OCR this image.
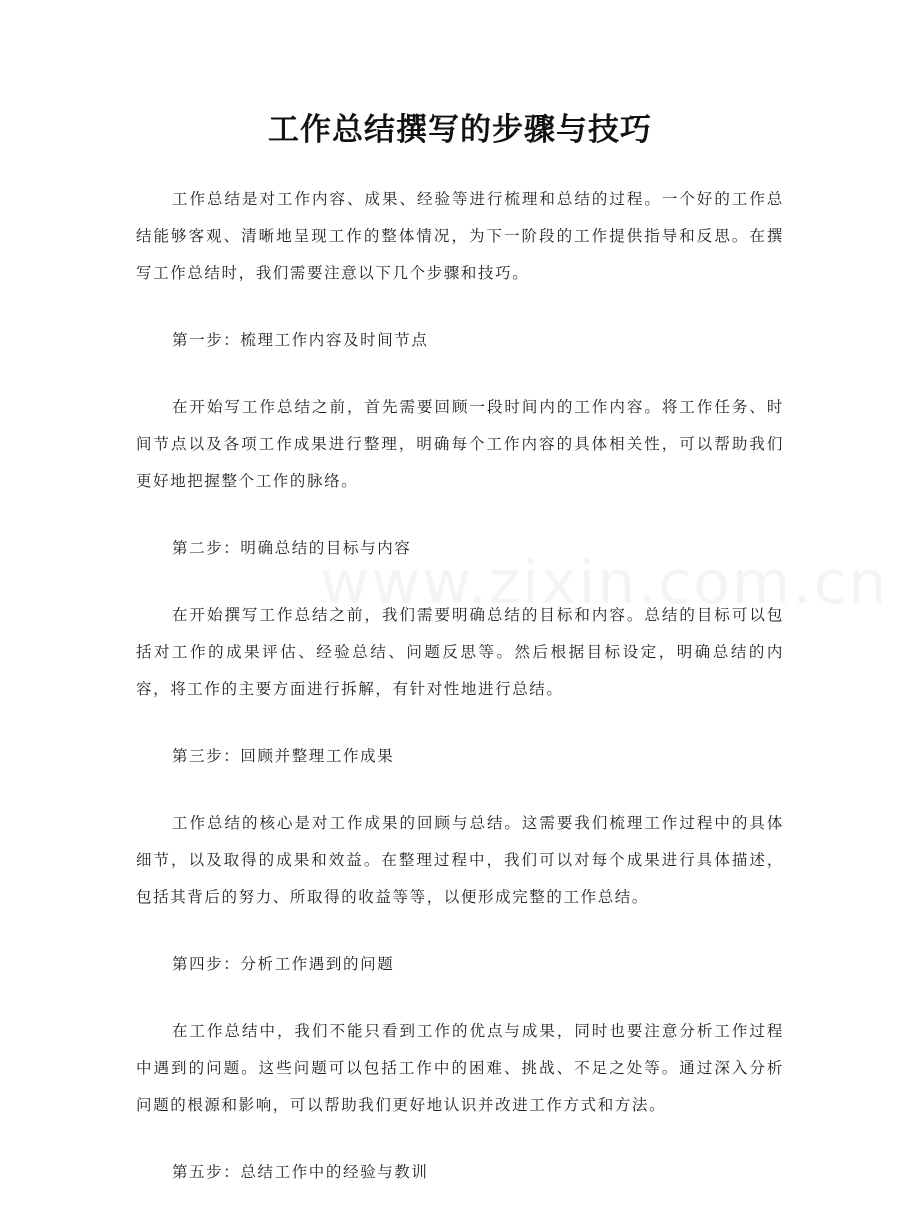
工作总结撰写的步骤与技巧

工作总结是对工作内容、成果、经验等进行梳理和总结的过程。一个好的工作总结能够客观、清晰地呈现工作的整体情况，为下一阶段的工作提供指导和反思。在撰写工作总结时，我们需要注意以下几个步骤和技巧。

第一步：梳理工作内容及时间节点

在开始写工作总结之前，首先需要回顾一段时间内的工作内容。将工作任务、时间节点以及各项工作成果进行整理，明确每个工作内容的具体相关性，可以帮助我们更好地把握整个工作的脉络。

第二步：明确总结的目标与内容

在开始撰写工作总结之前，我们需要明确总结的目标和内容。总结的目标可以包括对工作的成果评估、经验总结、问题反思等。然后根据目标设定，明确总结的内容，将工作的主要方面进行拆解，有针对性地进行总结。

第三步：回顾并整理工作成果

工作总结的核心是对工作成果的回顾与总结。这需要我们梳理工作过程中的具体细节，以及取得的成果和效益。在整理过程中，我们可以对每个成果进行具体描述，包括其背后的努力、所取得的收益等等，以便形成完整的工作总结。

第四步：分析工作遇到的问题

在工作总结中，我们不能只看到工作的优点与成果，同时也要注意分析工作过程中遇到的问题。这些问题可以包括工作中的困难、挑战、不足之处等。通过深入分析问题的根源和影响，可以帮助我们更好地认识并改进工作方式和方法。

第五步：总结工作中的经验与教训
